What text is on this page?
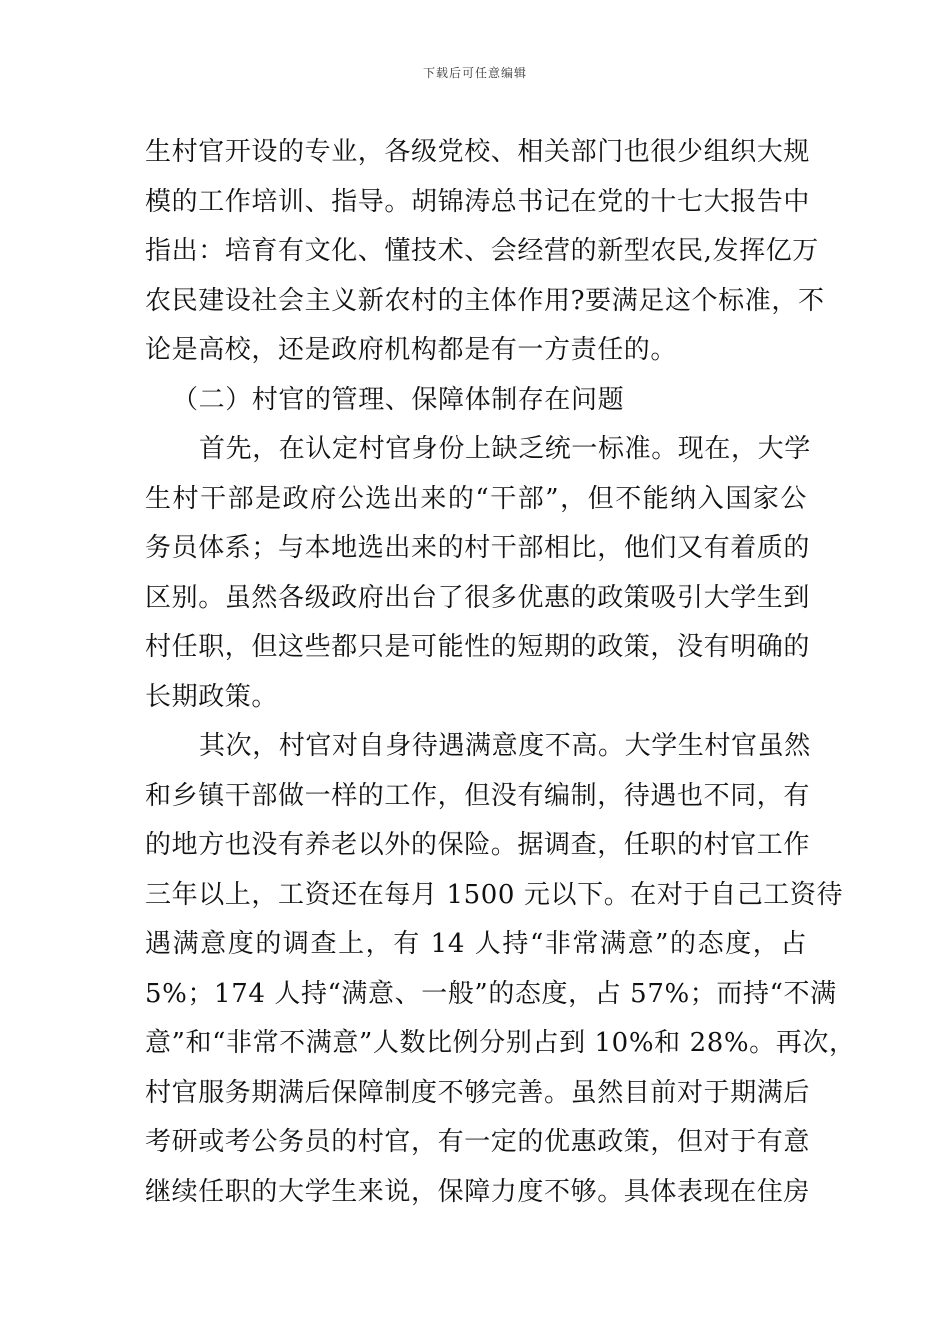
下载后可任意编辑
生村官开设的专业，各级党校、相关部门也很少组织大规
模的工作培训、指导。胡锦涛总书记在党的十七大报告中
指出：培育有文化、懂技术、会经营的新型农民,发挥亿万
农民建设社会主义新农村的主体作用?要满足这个标准，不
论是高校，还是政府机构都是有一方责任的。
（二）村官的管理、保障体制存在问题
首先，在认定村官身份上缺乏统一标准。现在，大学
生村干部是政府公选出来的“干部”，但不能纳入国家公
务员体系；与本地选出来的村干部相比，他们又有着质的
区别。虽然各级政府出台了很多优惠的政策吸引大学生到
村任职，但这些都只是可能性的短期的政策，没有明确的
长期政策。
其次，村官对自身待遇满意度不高。大学生村官虽然
和乡镇干部做一样的工作，但没有编制，待遇也不同，有
的地方也没有养老以外的保险。据调查，任职的村官工作
三年以上，工资还在每月 1500 元以下。在对于自己工资待
遇满意度的调查上，有 14 人持“非常满意”的态度，占
5%；174 人持“满意、一般”的态度，占 57%；而持“不满
意”和“非常不满意”人数比例分别占到 10%和 28%。再次，
村官服务期满后保障制度不够完善。虽然目前对于期满后
考研或考公务员的村官，有一定的优惠政策，但对于有意
继续任职的大学生来说，保障力度不够。具体表现在住房
